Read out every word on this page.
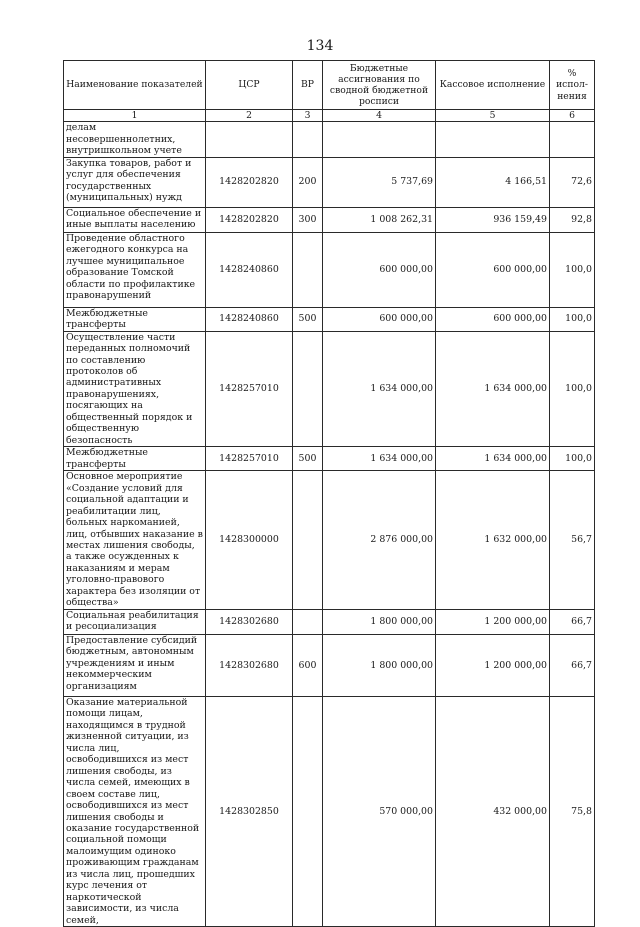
134
Наименование показателей	ЦСР	ВР	Бюджетные ассигнования по сводной бюджетной росписи	Кассовое исполнение	% испол-нения
1	2	3	4	5	6
делам несовершеннолетних, внутришкольном учете					
Закупка товаров, работ и услуг для обеспечения государственных (муниципальных) нужд	1428202820	200	5 737,69	4 166,51	72,6
Социальное обеспечение и иные выплаты населению	1428202820	300	1 008 262,31	936 159,49	92,8
Проведение областного ежегодного конкурса на лучшее муниципальное образование Томской области по профилактике правонарушений	1428240860		600 000,00	600 000,00	100,0
Межбюджетные трансферты	1428240860	500	600 000,00	600 000,00	100,0
Осуществление части переданных полномочий по составлению протоколов об административных правонарушениях, посягающих на общественный порядок и общественную безопасность	1428257010		1 634 000,00	1 634 000,00	100,0
Межбюджетные трансферты	1428257010	500	1 634 000,00	1 634 000,00	100,0
Основное мероприятие «Создание условий для социальной адаптации и реабилитации лиц, больных наркоманией, лиц, отбывших наказание в местах лишения свободы, а также осужденных к наказаниям и мерам уголовно-правового характера без изоляции от общества»	1428300000		2 876 000,00	1 632 000,00	56,7
Социальная реабилитация и ресоциализация	1428302680		1 800 000,00	1 200 000,00	66,7
Предоставление субсидий бюджетным, автономным учреждениям и иным некоммерческим организациям	1428302680	600	1 800 000,00	1 200 000,00	66,7
Оказание материальной помощи лицам, находящимся в трудной жизненной ситуации, из числа лиц, освободившихся из мест лишения свободы, из числа семей, имеющих в своем составе лиц, освободившихся из мест лишения свободы и оказание государственной социальной помощи малоимущим одиноко проживающим гражданам из числа лиц, прошедших курс лечения от наркотической зависимости, из числа семей,	1428302850		570 000,00	432 000,00	75,8
